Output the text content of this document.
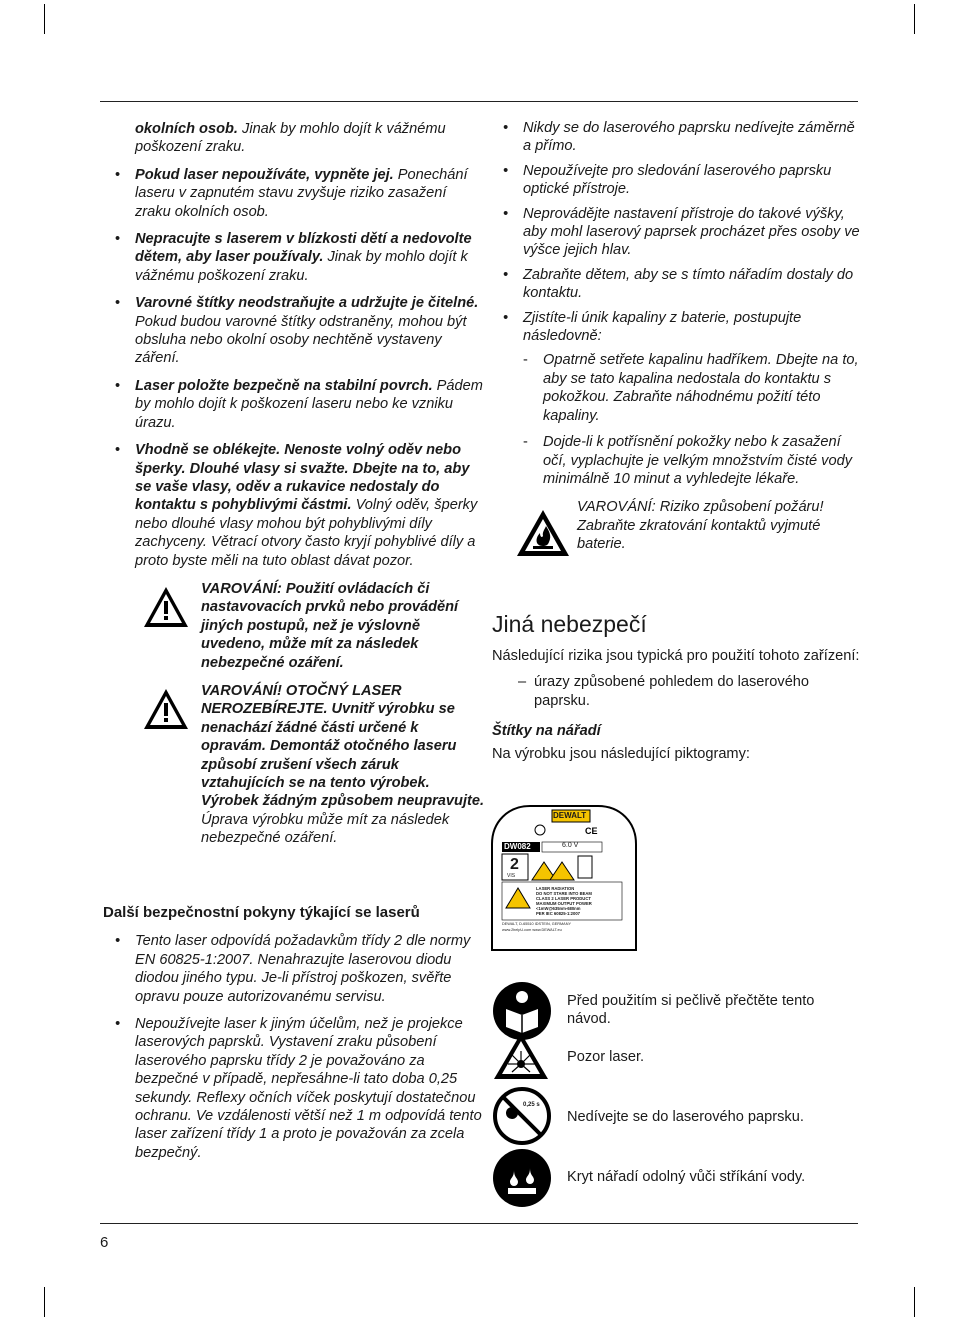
okolních osob. Jinak by mohlo dojít k vážnému poškození zraku.
• Pokud laser nepoužíváte, vypněte jej. Ponechání laseru v zapnutém stavu zvyšuje riziko zasažení zraku okolních osob.
• Nepracujte s laserem v blízkosti dětí a nedovolte dětem, aby laser používaly. Jinak by mohlo dojít k vážnému poškození zraku.
• Varovné štítky neodstraňujte a udržujte je čitelné. Pokud budou varovné štítky odstraněny, mohou být obsluha nebo okolní osoby nechtěně vystaveny záření.
• Laser položte bezpečně na stabilní povrch. Pádem by mohlo dojít k poškození laseru nebo ke vzniku úrazu.
• Vhodně se oblékejte. Nenoste volný oděv nebo šperky. Dlouhé vlasy si svažte. Dbejte na to, aby se vaše vlasy, oděv a rukavice nedostaly do kontaktu s pohyblivými částmi. Volný oděv, šperky nebo dlouhé vlasy mohou být pohyblivými díly zachyceny. Větrací otvory často kryjí pohyblivé díly a proto byste měli na tuto oblast dávat pozor.

VAROVÁNÍ: Použití ovládacích či nastavovacích prvků nebo provádění jiných postupů, než je výslovně uvedeno, může mít za následek nebezpečné ozáření.

VAROVÁNÍ! OTOČNÝ LASER NEROZEBÍREJTE. Uvnitř výrobku se nenachází žádné části určené k opravám. Demontáž otočného laseru způsobí zrušení všech záruk vztahujících se na tento výrobek. Výrobek žádným způsobem neupravujte. Úprava výrobku může mít za následek nebezpečné ozáření.

Další bezpečnostní pokyny týkající se laserů

• Tento laser odpovídá požadavkům třídy 2 dle normy EN 60825-1:2007. Nenahrazujte laserovou diodu diodou jiného typu. Je-li přístroj poškozen, svěřte opravu pouze autorizovanému servisu.
• Nepoužívejte laser k jiným účelům, než je projekce laserových paprsků. Vystavení zraku působení laserového paprsku třídy 2 je považováno za bezpečné v případě, nepřesáhne-li tato doba 0,25 sekundy. Reflexy očních víček poskytují dostatečnou ochranu. Ve vzdálenosti větší než 1 m odpovídá tento laser zařízení třídy 1 a proto je považován za zcela bezpečný.
• Nikdy se do laserového paprsku nedívejte záměrně a přímo.
• Nepoužívejte pro sledování laserového paprsku optické přístroje.
• Neprovádějte nastavení přístroje do takové výšky, aby mohl laserový paprsek procházet přes osoby ve výšce jejich hlav.
• Zabraňte dětem, aby se s tímto nářadím dostaly do kontaktu.
• Zjistíte-li únik kapaliny z baterie, postupujte následovně:
- Opatrně setřete kapalinu hadříkem. Dbejte na to, aby se tato kapalina nedostala do kontaktu s pokožkou. Zabraňte náhodnému požití této kapaliny.
- Dojde-li k potřísnění pokožky nebo k zasažení očí, vyplachujte je velkým množstvím čisté vody minimálně 10 minut a vyhledejte lékaře.

VAROVÁNÍ: Riziko způsobení požáru! Zabraňte zkratování kontaktů vyjmuté baterie.

Jiná nebezpečí

Následující rizika jsou typická pro použití tohoto zařízení:

– úrazy způsobené pohledem do laserového paprsku.

Štítky na nářadí

Na výrobku jsou následující piktogramy:

CE
DEWALT
DW082	6.0 V
2
VIS
LASER RADIATION
DO NOT STARE INTO BEAM
CLASS 2 LASER PRODUCT
MAXIMUM OUTPUT POWER
<1mW@635nm-680nm
PER IEC 60825-1:2007
DEWALT, D-65510 IDSTEIN, GERMANY
www.2helpU.com www.DEWALT.eu
0,25 s

Před použitím si pečlivě přečtěte tento návod.

Pozor laser.

Nedívejte se do laserového paprsku.

Kryt nářadí odolný vůči stříkání vody.

6
